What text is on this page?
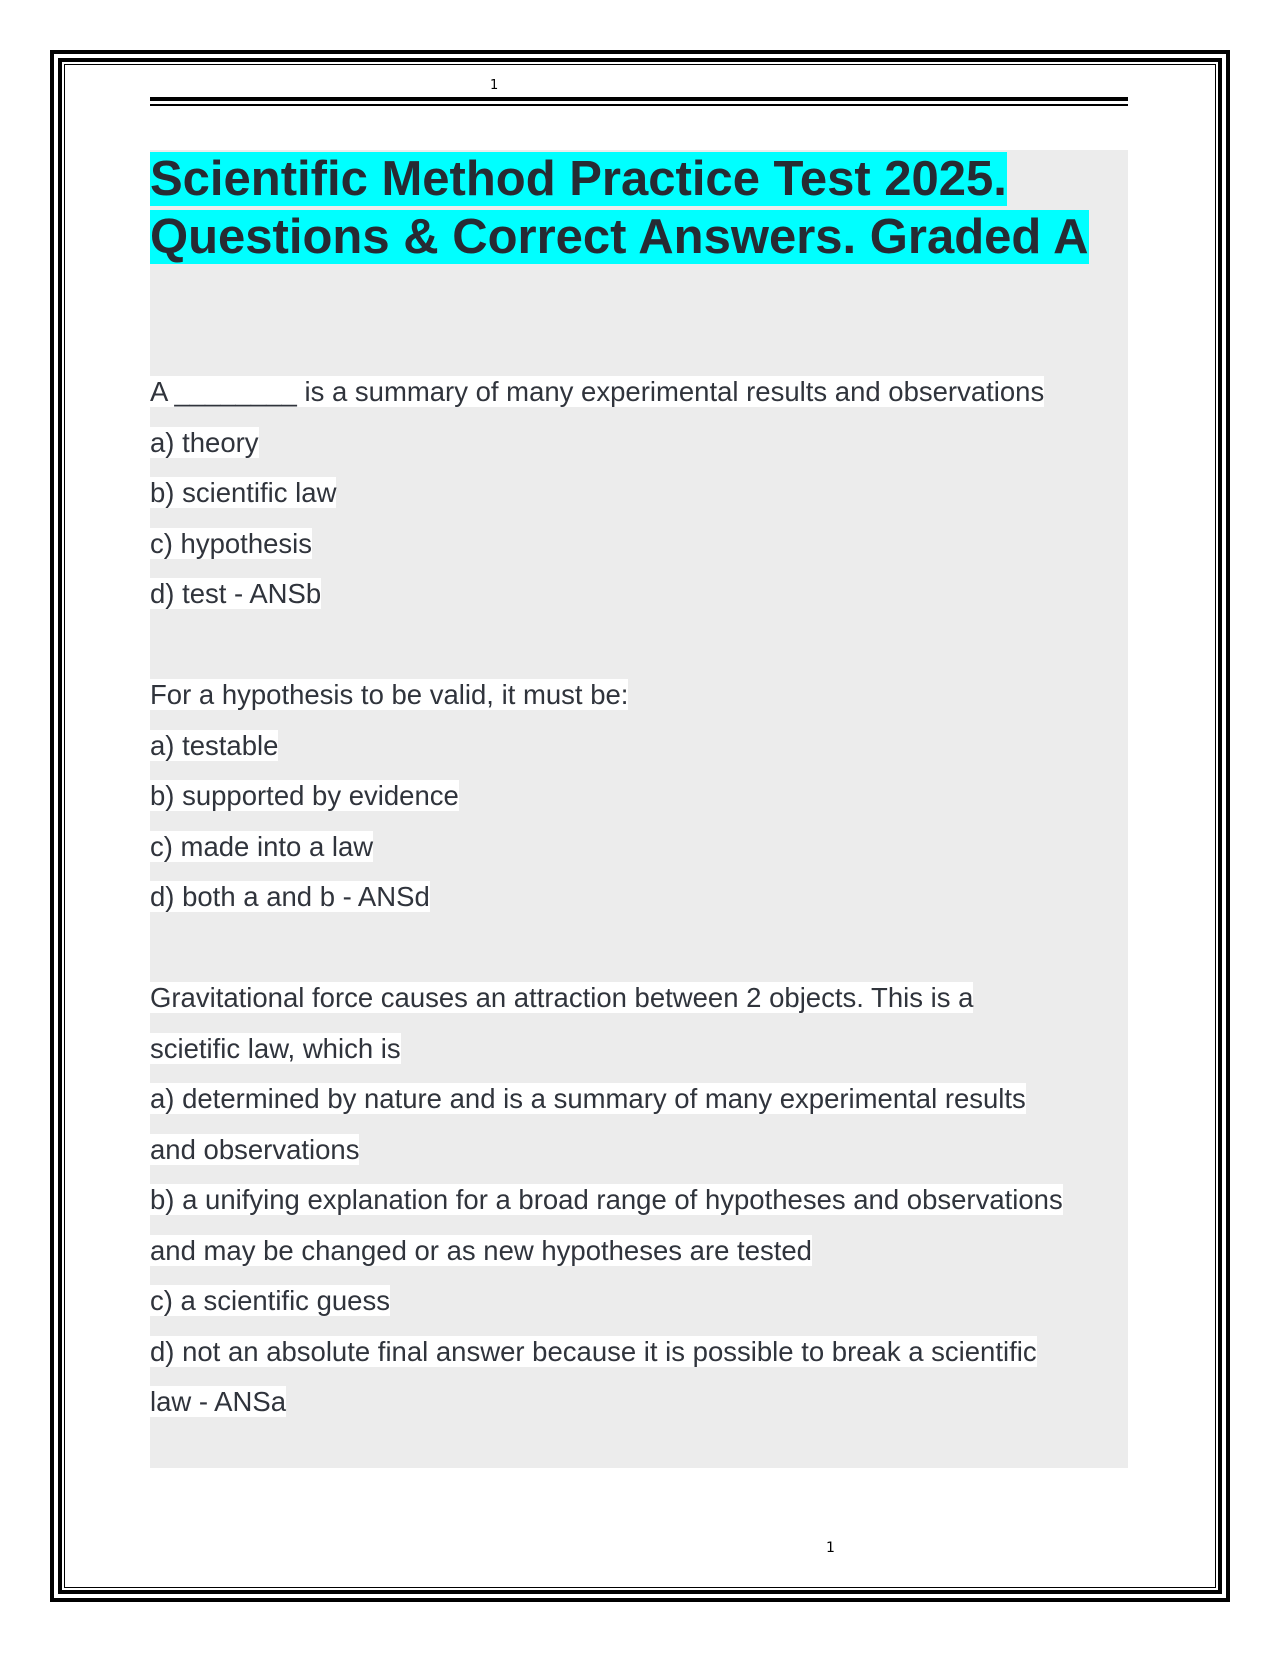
1
Scientific Method Practice Test 2025.
Questions & Correct Answers. Graded A
A ________ is a summary of many experimental results and observations
a) theory
b) scientific law
c) hypothesis
d) test - ANSb
For a hypothesis to be valid, it must be:
a) testable
b) supported by evidence
c) made into a law
d) both a and b - ANSd
Gravitational force causes an attraction between 2 objects. This is a
scietific law, which is
a) determined by nature and is a summary of many experimental results
and observations
b) a unifying explanation for a broad range of hypotheses and observations
and may be changed or as new hypotheses are tested
c) a scientific guess
d) not an absolute final answer because it is possible to break a scientific
law - ANSa
1
